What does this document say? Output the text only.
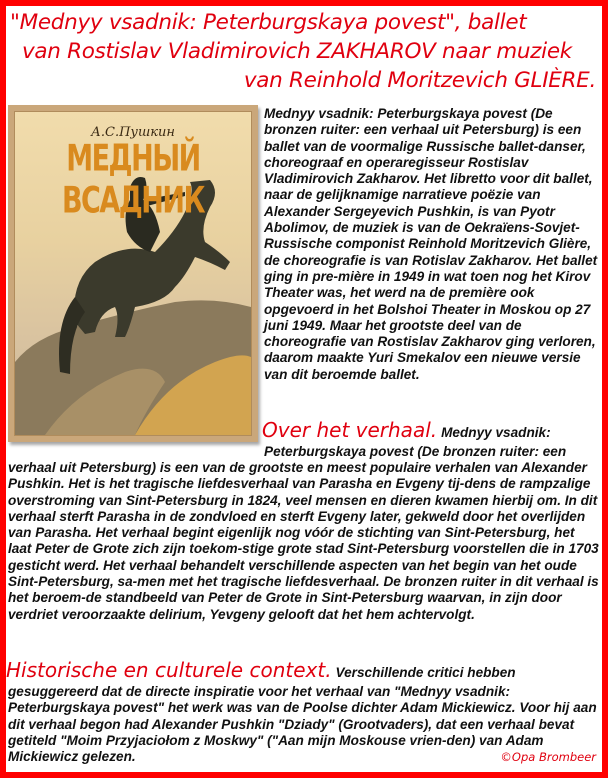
"Mednyy vsadnik: Peterburgskaya povest", ballet
van Rostislav Vladimirovich ZAKHAROV naar muziek
van Reinhold Moritzevich GLIÈRE.
А.С.Пушкин
МЕДНЫЙ ВСАДНИК

Mednyy vsadnik: Peterburgskaya povest (De bronzen ruiter: een verhaal uit Petersburg) is een ballet van de voormalige Russische ballet-danser, choreograaf en operaregisseur Rostislav Vladimirovich Zakharov. Het libretto voor dit ballet, naar de gelijknamige narratieve poëzie van Alexander Sergeyevich Pushkin, is van Pyotr Abolimov, de muziek is van de Oekraïens-Sovjet-Russische componist Reinhold Moritzevich Glière, de choreografie is van Rotislav Zakharov. Het ballet ging in pre-mière in 1949 in wat toen nog het Kirov Theater was, het werd na de première ook opgevoerd in het Bolshoi Theater in Moskou op 27 juni 1949. Maar het grootste deel van de choreografie van Rostislav Zakharov ging verloren, daarom maakte Yuri Smekalov een nieuwe versie van dit beroemde ballet.

Over het verhaal. Mednyy vsadnik:

Peterburgskaya povest (De bronzen ruiter: een

verhaal uit Petersburg) is een van de grootste en meest populaire verhalen van Alexander Pushkin. Het is het tragische liefdesverhaal van Parasha en Evgeny tij-dens de rampzalige overstroming van Sint-Petersburg in 1824, veel mensen en dieren kwamen hierbij om. In dit verhaal sterft Parasha in de zondvloed en sterft Evgeny later, gekweld door het overlijden van Parasha. Het verhaal begint eigenlijk nog vóór de stichting van Sint-Petersburg, het laat Peter de Grote zich zijn toekom-stige grote stad Sint-Petersburg voorstellen die in 1703 gesticht werd. Het verhaal behandelt verschillende aspecten van het begin van het oude Sint-Petersburg, sa-men met het tragische liefdesverhaal. De bronzen ruiter in dit verhaal is het beroem-de standbeeld van Peter de Grote in Sint-Petersburg waarvan, in zijn door verdriet veroorzaakte delirium, Yevgeny gelooft dat het hem achtervolgt.

Historische en culturele context. Verschillende critici hebben

gesuggereerd dat de directe inspiratie voor het verhaal van "Mednyy vsadnik: Peterburgskaya povest" het werk was van de Poolse dichter Adam Mickiewicz. Voor hij aan dit verhaal begon had Alexander Pushkin "Dziady" (Grootvaders), dat een verhaal bevat getiteld "Moim Przyjaciołom z Moskwy" ("Aan mijn Moskouse vrien-den) van Adam Mickiewicz gelezen.	©Opa Brombeer
